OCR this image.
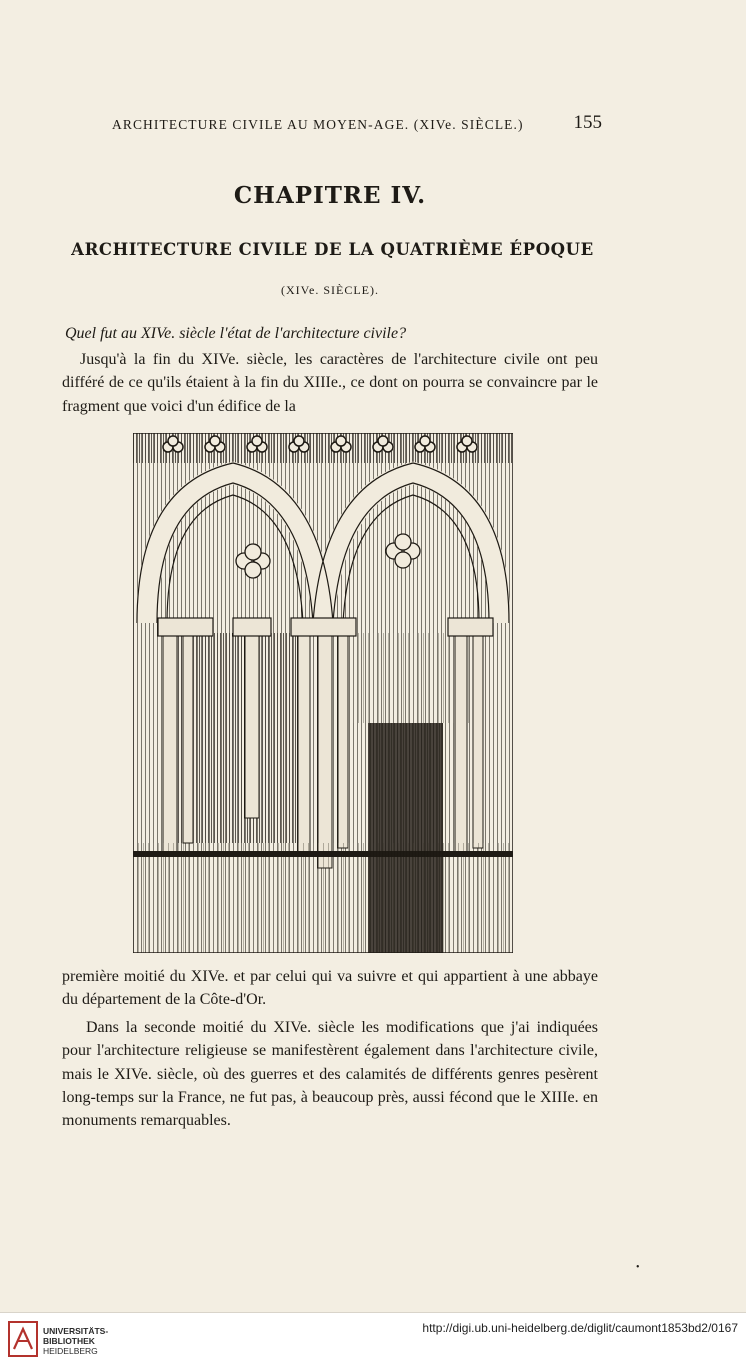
ARCHITECTURE CIVILE AU MOYEN-AGE. (XIVe. SIÈCLE.)	155
CHAPITRE IV.
ARCHITECTURE CIVILE DE LA QUATRIÈME ÉPOQUE
(XIVe. SIÈCLE).
Quel fut au XIVe. siècle l'état de l'architecture civile?
Jusqu'à la fin du XIVe. siècle, les caractères de l'architecture civile ont peu différé de ce qu'ils étaient à la fin du XIIIe., ce dont on pourra se convaincre par le fragment que voici d'un édifice de la
première moitié du XIVe. et par celui qui va suivre et qui appartient à une abbaye du département de la Côte-d'Or.
Dans la seconde moitié du XIVe. siècle les modifications que j'ai indiquées pour l'architecture religieuse se manifestèrent également dans l'architecture civile, mais le XIVe. siècle, où des guerres et des calamités de différents genres pesèrent long-temps sur la France, ne fut pas, à beaucoup près, aussi fécond que le XIIIe. en monuments remarquables.
•
UNIVERSITÄTS-
BIBLIOTHEK
HEIDELBERG
http://digi.ub.uni-heidelberg.de/diglit/caumont1853bd2/0167
